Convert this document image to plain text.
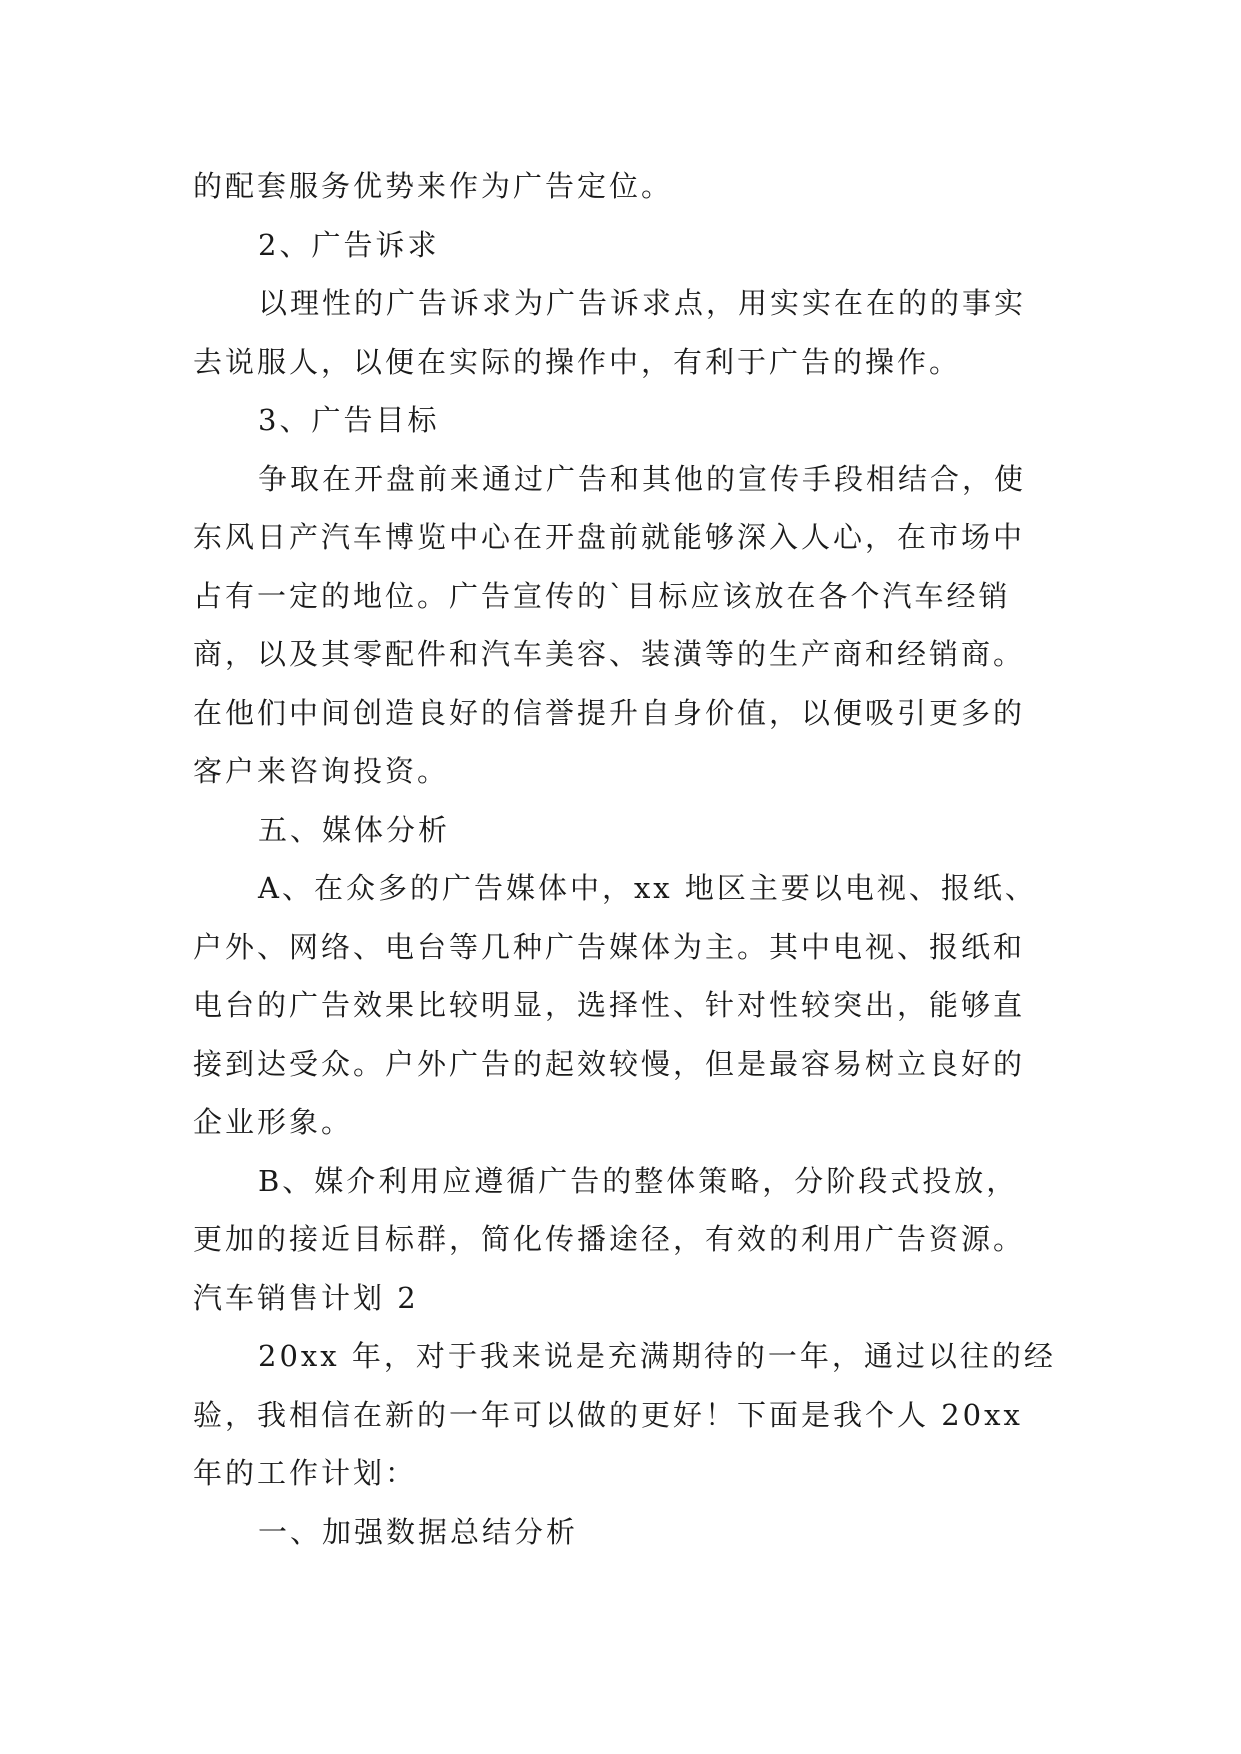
的配套服务优势来作为广告定位。
2、广告诉求
以理性的广告诉求为广告诉求点，用实实在在的的事实
去说服人，以便在实际的操作中，有利于广告的操作。
3、广告目标
争取在开盘前来通过广告和其他的宣传手段相结合，使
东风日产汽车博览中心在开盘前就能够深入人心，在市场中
占有一定的地位。广告宣传的`目标应该放在各个汽车经销
商，以及其零配件和汽车美容、装潢等的生产商和经销商。
在他们中间创造良好的信誉提升自身价值，以便吸引更多的
客户来咨询投资。
五、媒体分析
A、在众多的广告媒体中，xx 地区主要以电视、报纸、
户外、网络、电台等几种广告媒体为主。其中电视、报纸和
电台的广告效果比较明显，选择性、针对性较突出，能够直
接到达受众。户外广告的起效较慢，但是最容易树立良好的
企业形象。
B、媒介利用应遵循广告的整体策略，分阶段式投放，
更加的接近目标群，简化传播途径，有效的利用广告资源。
汽车销售计划 2
20xx 年，对于我来说是充满期待的一年，通过以往的经
验，我相信在新的一年可以做的更好！下面是我个人 20xx
年的工作计划：
一、加强数据总结分析
